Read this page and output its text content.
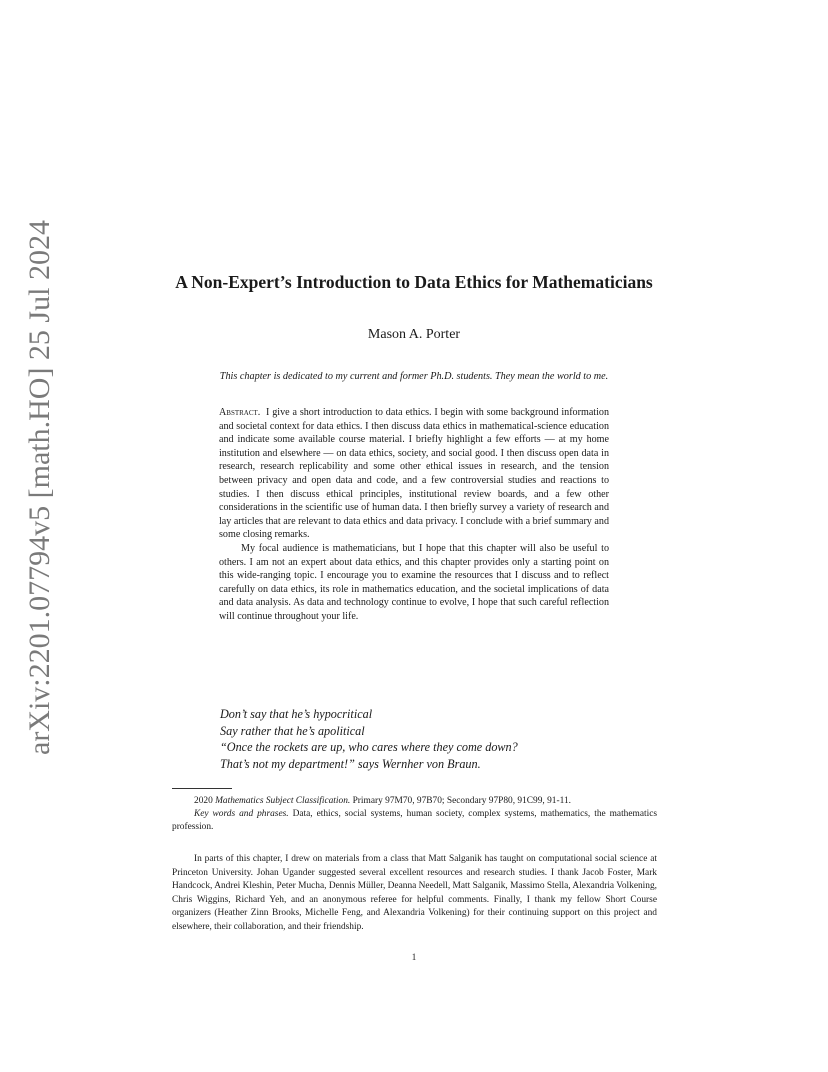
arXiv:2201.07794v5 [math.HO] 25 Jul 2024	A Non-Expert’s Introduction to Data Ethics for Mathematicians
Mason A. Porter
This chapter is dedicated to my current and former Ph.D. students. They mean the world to me.

Abstract. I give a short introduction to data ethics. I begin with some background information and societal context for data ethics. I then discuss data ethics in mathematical-science education and indicate some available course material. I briefly highlight a few efforts — at my home institution and elsewhere — on data ethics, society, and social good. I then discuss open data in research, research replicability and some other ethical issues in research, and the tension between privacy and open data and code, and a few controversial studies and reactions to studies. I then discuss ethical principles, institutional review boards, and a few other considerations in the scientific use of human data. I then briefly survey a variety of research and lay articles that are relevant to data ethics and data privacy. I conclude with a brief summary and some closing remarks.

My focal audience is mathematicians, but I hope that this chapter will also be useful to others. I am not an expert about data ethics, and this chapter provides only a starting point on this wide-ranging topic. I encourage you to examine the resources that I discuss and to reflect carefully on data ethics, its role in mathematics education, and the societal implications of data and data analysis. As data and technology continue to evolve, I hope that such careful reflection will continue throughout your life.

Don’t say that he’s hypocritical
Say rather that he’s apolitical
“Once the rockets are up, who cares where they come down?
That’s not my department!” says Wernher von Braun.

2020 Mathematics Subject Classification. Primary 97M70, 97B70; Secondary 97P80, 91C99, 91-11.

Key words and phrases. Data, ethics, social systems, human society, complex systems, mathematics, the mathematics profession.

In parts of this chapter, I drew on materials from a class that Matt Salganik has taught on computational social science at Princeton University. Johan Ugander suggested several excellent resources and research studies. I thank Jacob Foster, Mark Handcock, Andrei Kleshin, Peter Mucha, Dennis Müller, Deanna Needell, Matt Salganik, Massimo Stella, Alexandria Volkening, Chris Wiggins, Richard Yeh, and an anonymous referee for helpful comments. Finally, I thank my fellow Short Course organizers (Heather Zinn Brooks, Michelle Feng, and Alexandria Volkening) for their continuing support on this project and elsewhere, their collaboration, and their friendship.

1
